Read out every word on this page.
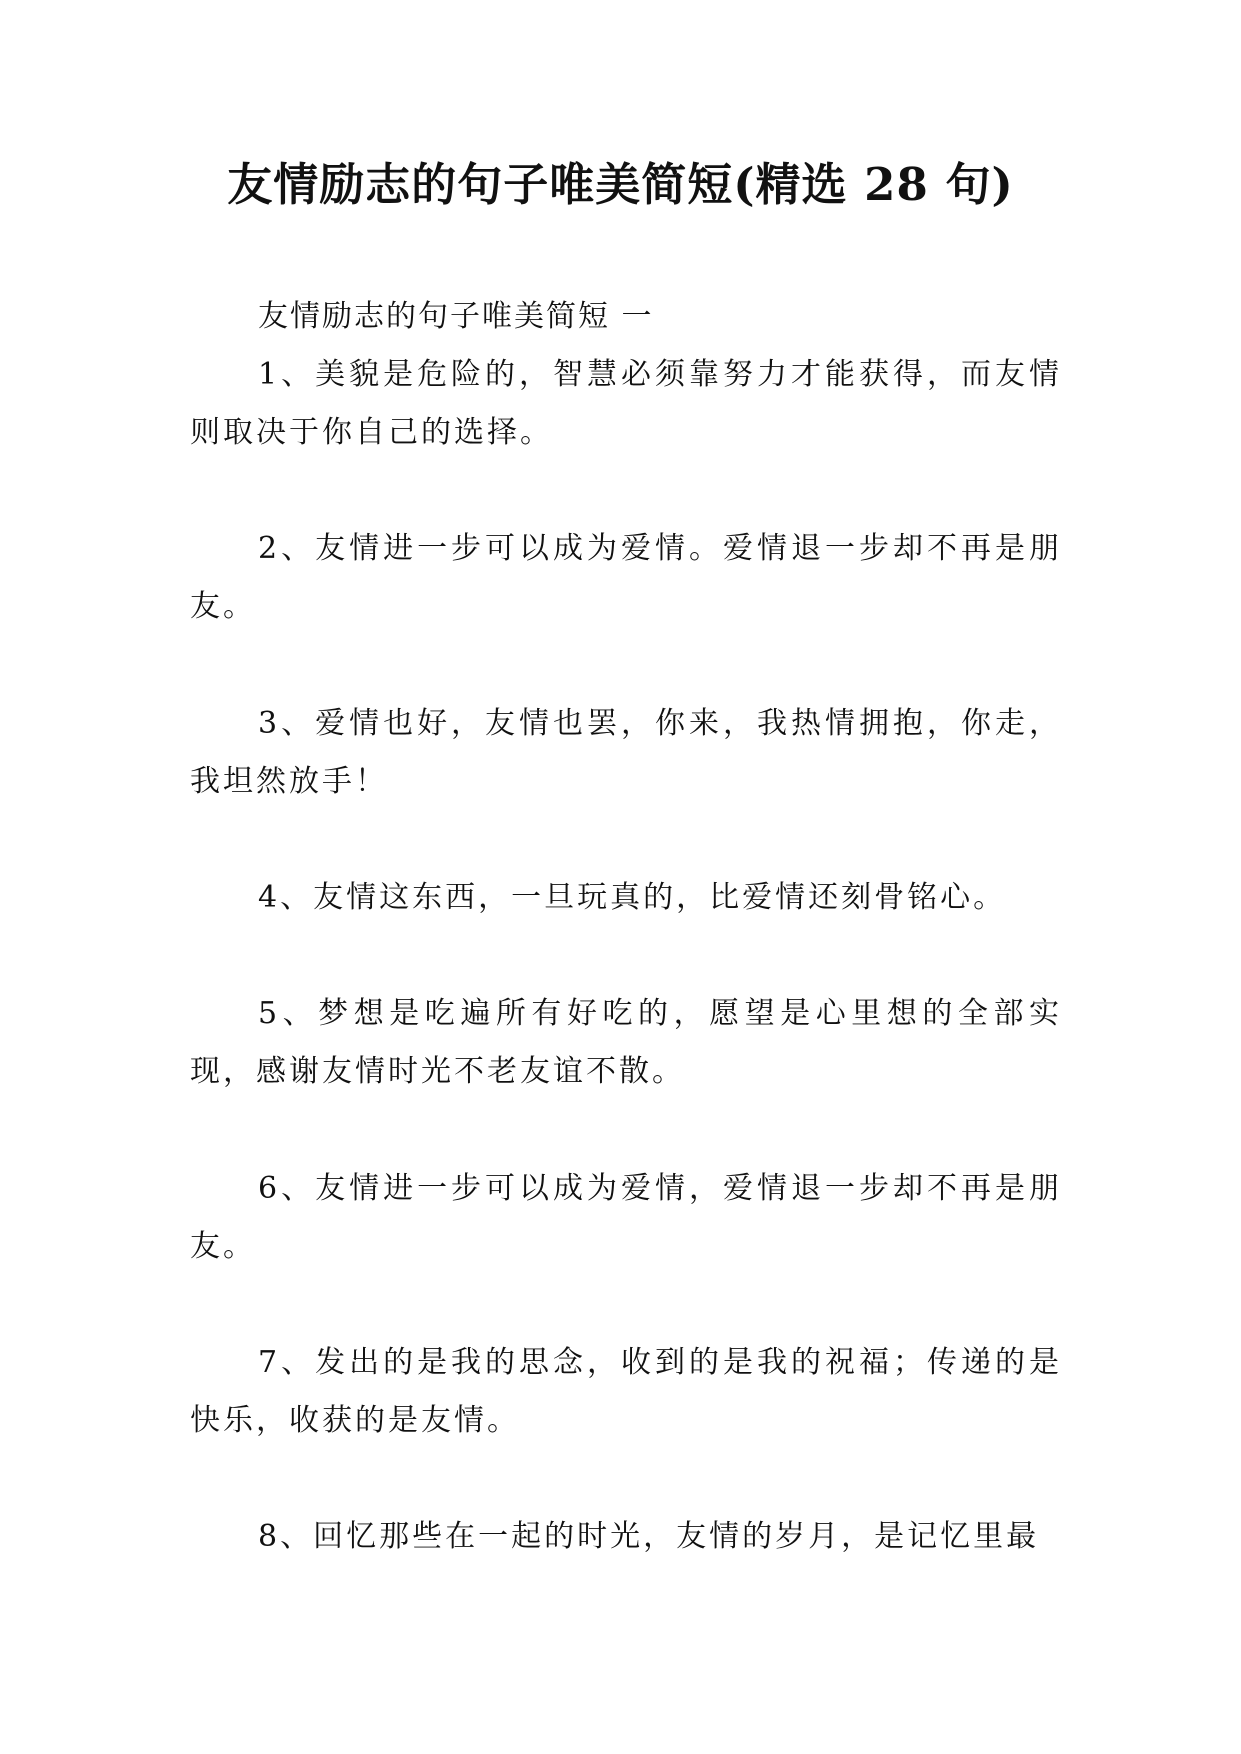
友情励志的句子唯美简短(精选 28 句)
友情励志的句子唯美简短 一

1、美貌是危险的，智慧必须靠努力才能获得，而友情则取决于你自己的选择。

2、友情进一步可以成为爱情。爱情退一步却不再是朋友。

3、爱情也好，友情也罢，你来，我热情拥抱，你走，我坦然放手！

4、友情这东西，一旦玩真的，比爱情还刻骨铭心。

5、梦想是吃遍所有好吃的，愿望是心里想的全部实现，感谢友情时光不老友谊不散。

6、友情进一步可以成为爱情，爱情退一步却不再是朋友。

7、发出的是我的思念，收到的是我的祝福；传递的是快乐，收获的是友情。

8、回忆那些在一起的时光，友情的岁月，是记忆里最
